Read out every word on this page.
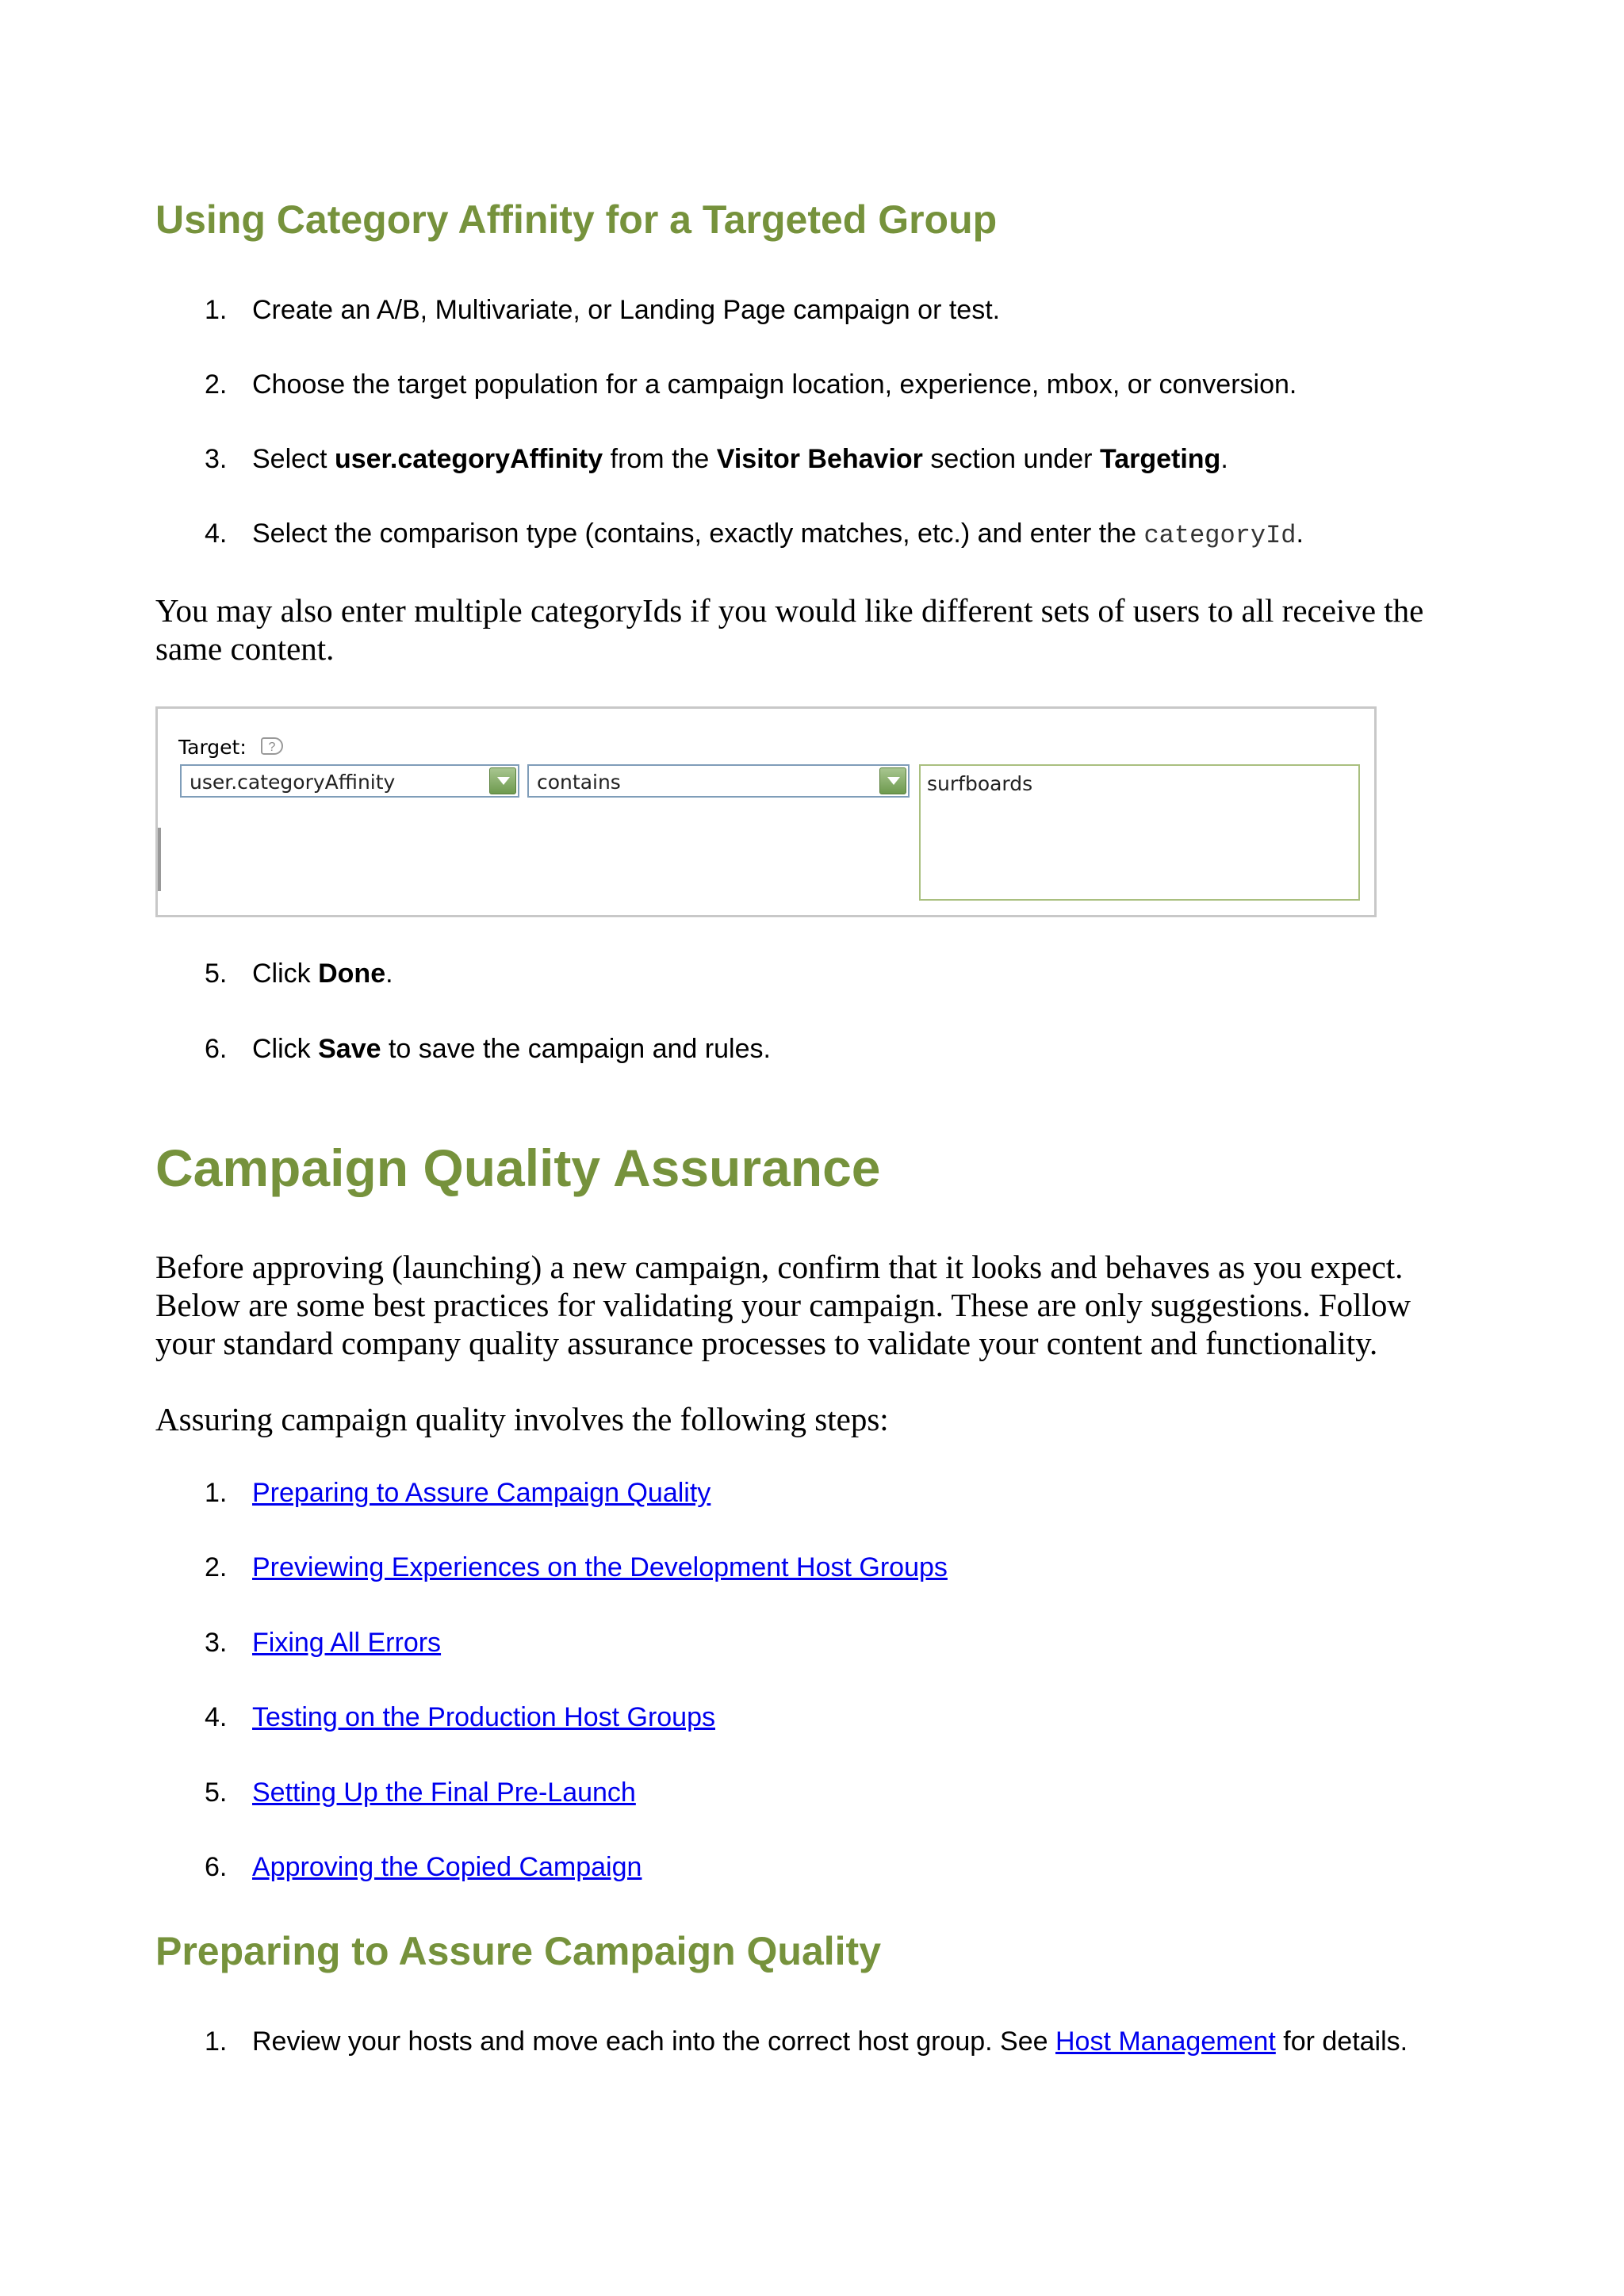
Using Category Affinity for a Targeted Group
1. Create an A/B, Multivariate, or Landing Page campaign or test.
2. Choose the target population for a campaign location, experience, mbox, or conversion.
3. Select user.categoryAffinity from the Visitor Behavior section under Targeting.
4. Select the comparison type (contains, exactly matches, etc.) and enter the categoryId.
You may also enter multiple categoryIds if you would like different sets of users to all receive the same content.
Target:	?
user.categoryAffinity	contains	surfboards
5. Click Done.
6. Click Save to save the campaign and rules.
Campaign Quality Assurance
Before approving (launching) a new campaign, confirm that it looks and behaves as you expect. Below are some best practices for validating your campaign. These are only suggestions. Follow your standard company quality assurance processes to validate your content and functionality.
Assuring campaign quality involves the following steps:
1. Preparing to Assure Campaign Quality
2. Previewing Experiences on the Development Host Groups
3. Fixing All Errors
4. Testing on the Production Host Groups
5. Setting Up the Final Pre-Launch
6. Approving the Copied Campaign
Preparing to Assure Campaign Quality
1. Review your hosts and move each into the correct host group. See Host Management for details.
